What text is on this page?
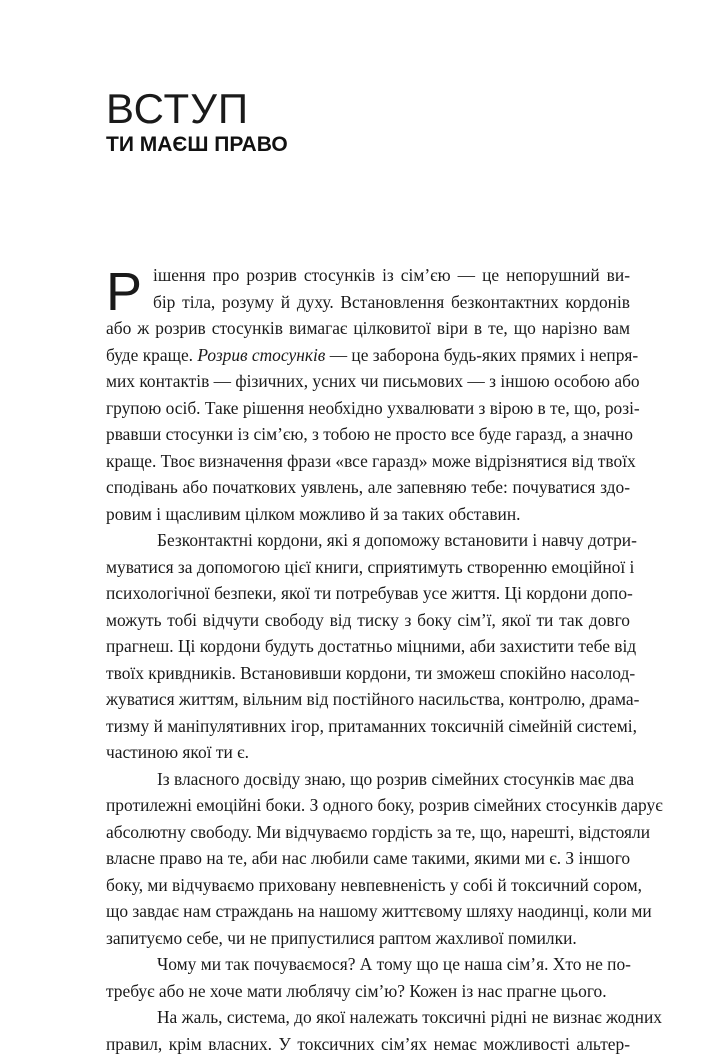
ВСТУП
ТИ МАЄШ ПРАВО
Р ішення про розрив стосунків із сім’єю — це непорушний ви-
бір тіла, розуму й духу. Встановлення безконтактних кордонів
або ж розрив стосунків вимагає цілковитої віри в те, що нарізно вам
буде краще. Розрив стосунків — це заборона будь-яких прямих і непря-
мих контактів — фізичних, усних чи письмових — з іншою особою або
групою осіб. Таке рішення необхідно ухвалювати з вірою в те, що, розі-
рвавши стосунки із сім’єю, з тобою не просто все буде гаразд, а значно
краще. Твоє визначення фрази «все гаразд» може відрізнятися від твоїх
сподівань або початкових уявлень, але запевняю тебе: почуватися здо-
ровим і щасливим цілком можливо й за таких обставин.
Безконтактні кордони, які я допоможу встановити і навчу дотри-
муватися за допомогою цієї книги, сприятимуть створенню емоційної і
психологічної безпеки, якої ти потребував усе життя. Ці кордони допо-
можуть тобі відчути свободу від тиску з боку сім’ї, якої ти так довго
прагнеш. Ці кордони будуть достатньо міцними, аби захистити тебе від
твоїх кривдників. Встановивши кордони, ти зможеш спокійно насолод-
жуватися життям, вільним від постійного насильства, контролю, драма-
тизму й маніпулятивних ігор, притаманних токсичній сімейній системі,
частиною якої ти є.
Із власного досвіду знаю, що розрив сімейних стосунків має два
протилежні емоційні боки. З одного боку, розрив сімейних стосунків дарує
абсолютну свободу. Ми відчуваємо гордість за те, що, нарешті, відстояли
власне право на те, аби нас любили саме такими, якими ми є. З іншого
боку, ми відчуваємо приховану невпевненість у собі й токсичний сором,
що завдає нам страждань на нашому життєвому шляху наодинці, коли ми
запитуємо себе, чи не припустилися раптом жахливої помилки.
Чому ми так почуваємося? А тому що це наша сім’я. Хто не по-
требує або не хоче мати люблячу сім’ю? Кожен із нас прагне цього.
На жаль, система, до якої належать токсичні рідні не визнає жодних
правил, крім власних. У токсичних сім’ях немає можливості альтер-
